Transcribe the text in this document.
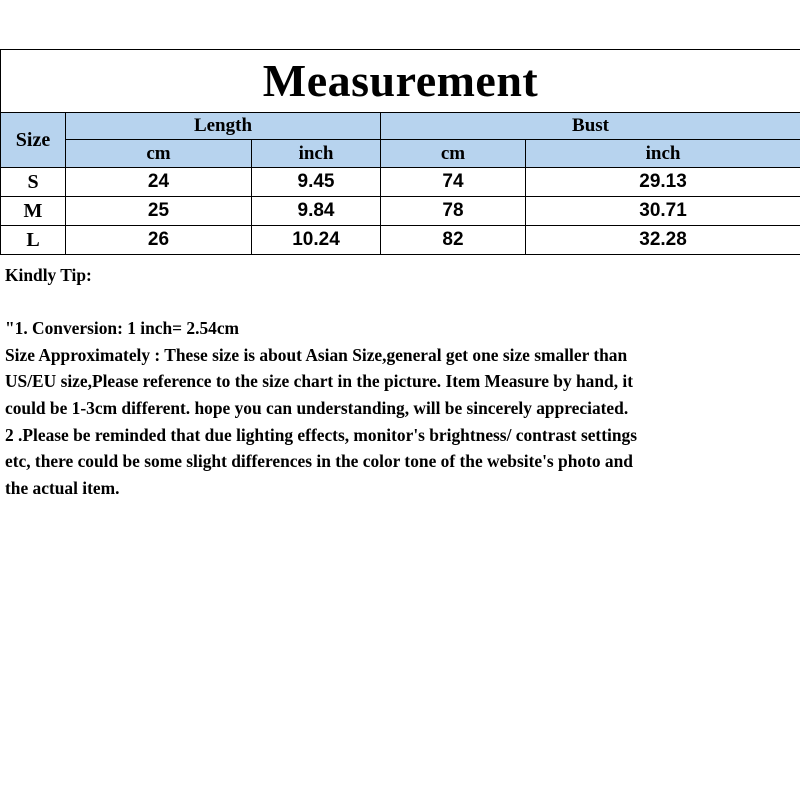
Measurement				
Size	Length		Bust	
	cm	inch	cm	inch
S	24	9.45	74	29.13
M	25	9.84	78	30.71
L	26	10.24	82	32.28

Kindly Tip:

"1. Conversion: 1 inch= 2.54cm

Size Approximately : These size is about Asian Size,general get one size smaller than

US/EU size,Please reference to the size chart in the picture. Item Measure by hand, it

could be 1-3cm different. hope you can understanding, will be sincerely appreciated.

2 .Please be reminded that due lighting effects, monitor's brightness/ contrast settings

etc, there could be some slight differences in the color tone of the website's photo and

the actual item.
